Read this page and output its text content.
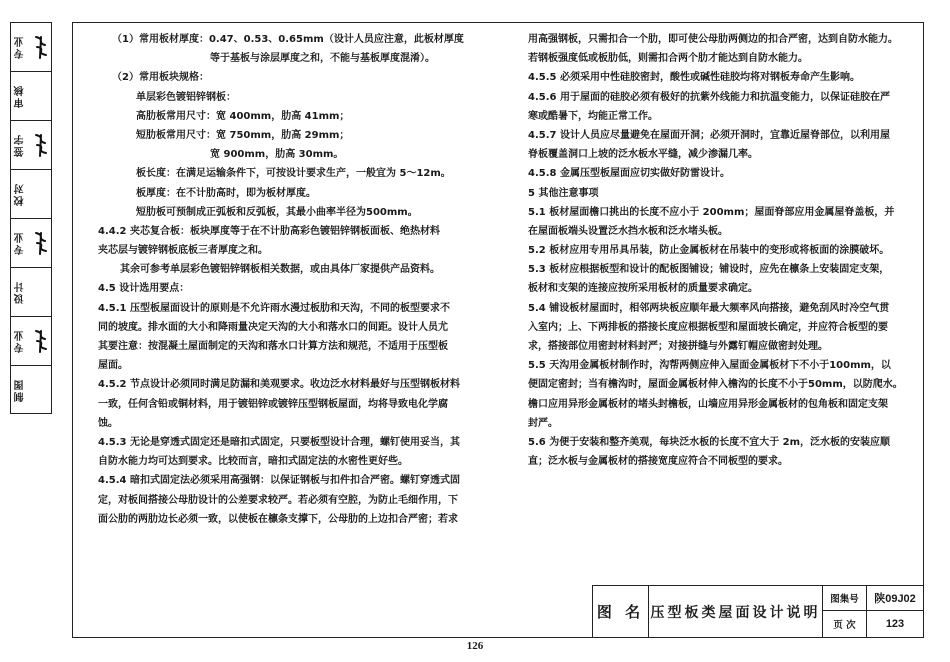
专业
审核
签字
校对
专业
设计
专业
制图
（1）常用板材厚度：0.47、0.53、0.65mm（设计人员应注意，此板材厚度
等于基板与涂层厚度之和，不能与基板厚度混淆）。
（2）常用板块规格：
单层彩色镀铝锌钢板：
高肋板常用尺寸：宽 400mm，肋高 41mm；
短肋板常用尺寸：宽 750mm，肋高 29mm；
宽 900mm，肋高 30mm。
板长度：在满足运输条件下，可按设计要求生产，一般宜为 5～12m。
板厚度：在不计肋高时，即为板材厚度。
短肋板可预制成正弧板和反弧板，其最小曲率半径为500mm。
4.4.2 夹芯复合板：板块厚度等于在不计肋高彩色镀铝锌钢板面板、绝热材料
夹芯层与镀锌钢板底板三者厚度之和。
其余可参考单层彩色镀铝锌钢板相关数据，或由具体厂家提供产品资料。
4.5 设计选用要点：
4.5.1 压型板屋面设计的原则是不允许雨水漫过板肋和天沟，不同的板型要求不
同的坡度。排水面的大小和降雨量决定天沟的大小和落水口的间距。设计人员尤
其要注意：按混凝土屋面制定的天沟和落水口计算方法和规范，不适用于压型板
屋面。
4.5.2 节点设计必须同时满足防漏和美观要求。收边泛水材料最好与压型钢板材料
一致，任何含铅或铜材料，用于镀铝锌或镀锌压型钢板屋面，均将导致电化学腐
蚀。
4.5.3 无论是穿透式固定还是暗扣式固定，只要板型设计合理，螺钉使用妥当，其
自防水能力均可达到要求。比较而言，暗扣式固定法的水密性更好些。
4.5.4 暗扣式固定法必须采用高强钢：以保证钢板与扣件扣合严密。螺钉穿透式固
定，对板间搭接公母肋设计的公差要求较严。若必须有空腔，为防止毛细作用，下
面公肋的两肋边长必须一致，以使板在檩条支撑下，公母肋的上边扣合严密；若求
用高强钢板，只需扣合一个肋，即可使公母肋两侧边的扣合严密，达到自防水能力。
若钢板强度低或板肋低，则需扣合两个肋才能达到自防水能力。
4.5.5 必须采用中性硅胶密封，酸性或碱性硅胶均将对钢板寿命产生影响。
4.5.6 用于屋面的硅胶必须有极好的抗紫外线能力和抗温变能力，以保证硅胶在严
寒或酷暑下，均能正常工作。
4.5.7 设计人员应尽量避免在屋面开洞；必须开洞时，宜靠近屋脊部位，以利用屋
脊板覆盖洞口上坡的泛水板水平缝，减少渗漏几率。
4.5.8 金属压型板屋面应切实做好防雷设计。
5 其他注意事项
5.1 板材屋面檐口挑出的长度不应小于 200mm；屋面脊部应用金属屋脊盖板，并
在屋面板端头设置泛水挡水板和泛水堵头板。
5.2 板材应用专用吊具吊装，防止金属板材在吊装中的变形或将板面的涂膜破坏。
5.3 板材应根据板型和设计的配板图铺设；铺设时，应先在檩条上安装固定支架，
板材和支架的连接应按所采用板材的质量要求确定。
5.4 铺设板材屋面时，相邻两块板应顺年最大频率风向搭接，避免刮风时冷空气贯
入室内；上、下两排板的搭接长度应根据板型和屋面坡长确定，并应符合板型的要
求，搭接部位用密封材料封严；对接拼缝与外露钉帽应做密封处理。
5.5 天沟用金属板材制作时，沟帮两侧应伸入屋面金属板材下不小于100mm，以
便固定密封；当有檐沟时，屋面金属板材伸入檐沟的长度不小于50mm，以防爬水。
檐口应用异形金属板材的堵头封檐板，山墙应用异形金属板材的包角板和固定支架
封严。
5.6 为便于安装和整齐美观，每块泛水板的长度不宜大于 2m，泛水板的安装应顺
直；泛水板与金属板材的搭接宽度应符合不同板型的要求。
图 名 压型板类屋面设计说明
图集号	陕09J02
页 次	123
126
